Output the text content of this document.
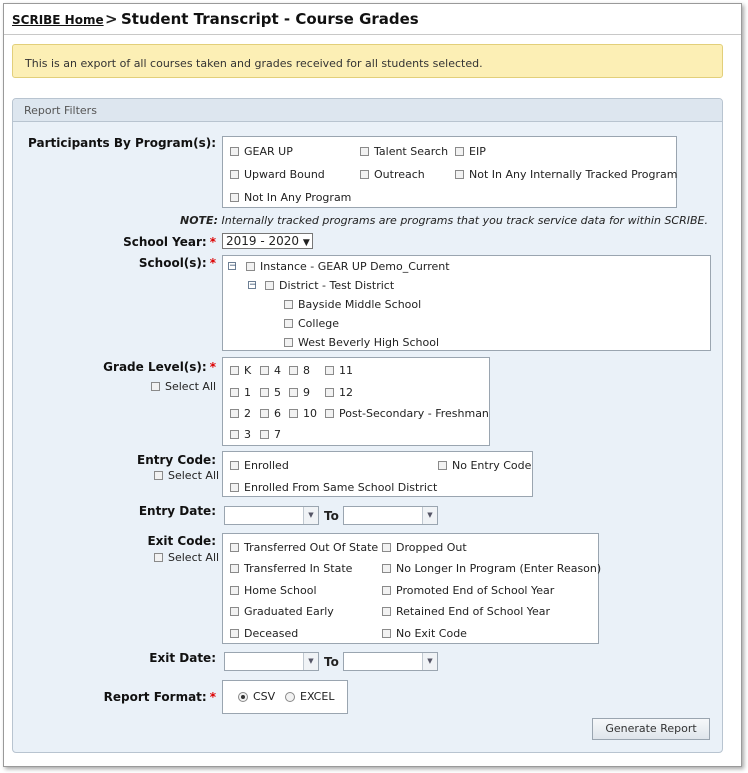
SCRIBE Home > Student Transcript - Course Grades
This is an export of all courses taken and grades received for all students selected.
Report Filters
Participants By Program(s):
GEAR UP	Talent Search EIP
Upward Bound	Outreach	Not In Any Internally Tracked Program
Not In Any Program
NOTE: Internally tracked programs are programs that you track service data for within SCRIBE.
School Year: * 2019 - 2020 ▼
School(s): * − Instance - GEAR UP Demo_Current
− District - Test District
Bayside Middle School
College
West Beverly High School
Grade Level(s): *
Select All
K 4 8	11
1 5 9	12
2 6 10 Post-Secondary - Freshman
3 7
Entry Code:
Select All
Enrolled	No Entry Code
Enrolled From Same School District
Entry Date:	▼ To	▼
Exit Code:
Select All
Transferred Out Of State Dropped Out
Transferred In State	No Longer In Program (Enter Reason)
Home School	Promoted End of School Year
Graduated Early	Retained End of School Year
Deceased	No Exit Code
Exit Date:	▼ To	▼
Report Format: *	CSV EXCEL
Generate Report
